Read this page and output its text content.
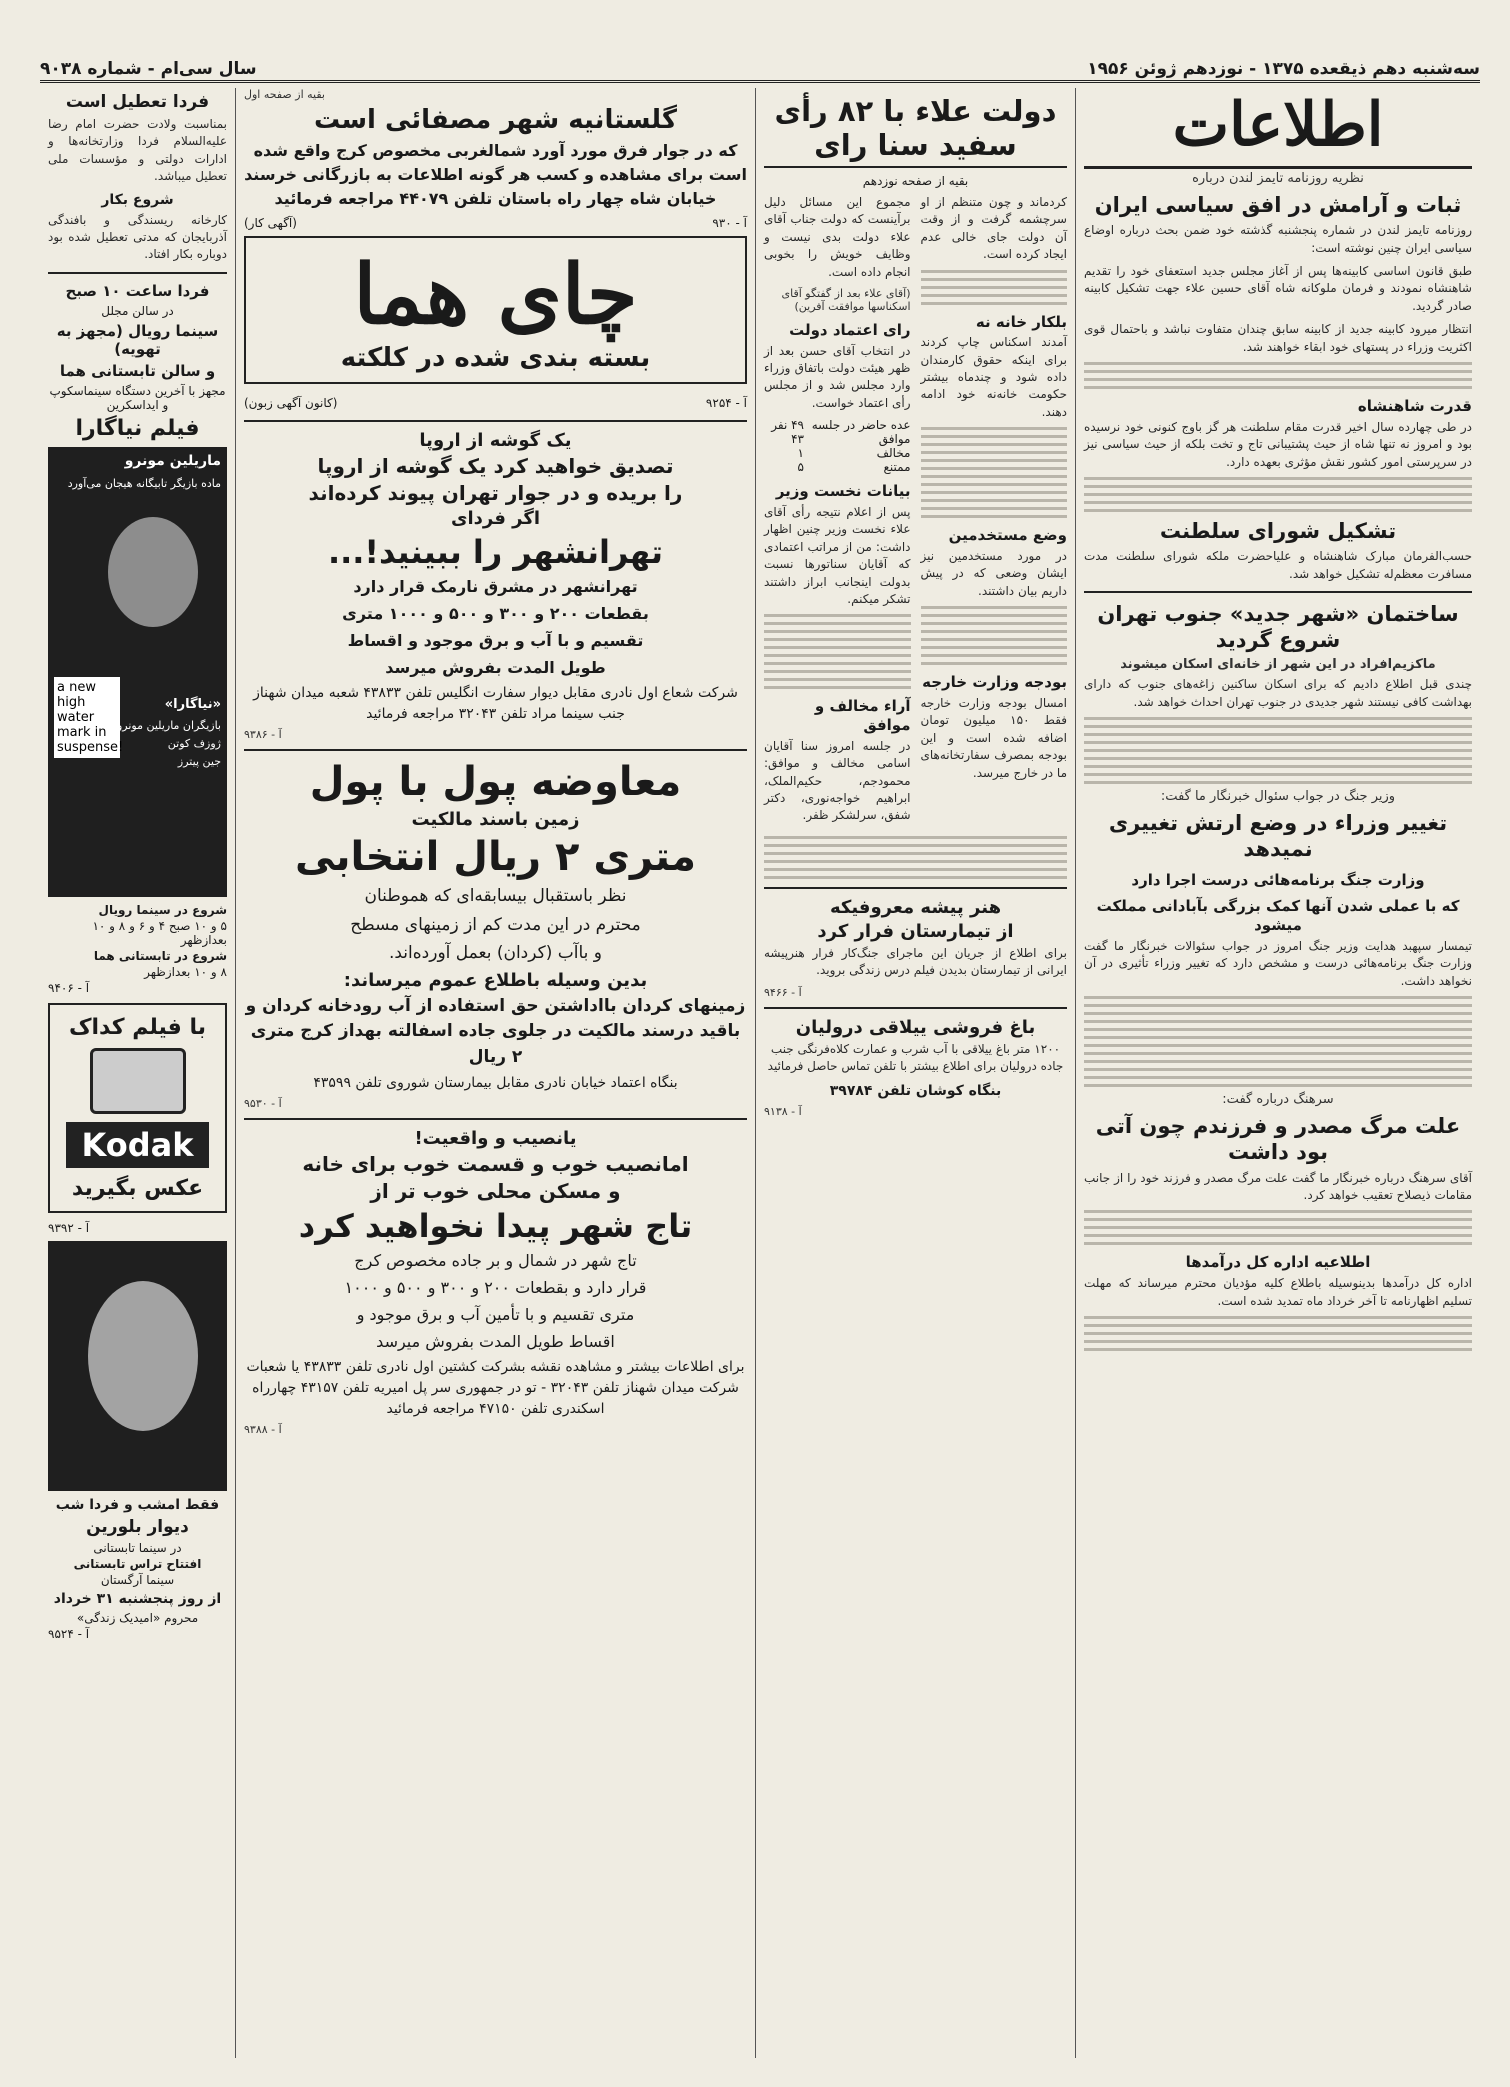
سه‌شنبه دهم ذیقعده ۱۳۷۵ - نوزدهم ژوئن ۱۹۵۶
سال سی‌ام - شماره ۹۰۳۸
اطلاعات
نظریه روزنامه تایمز لندن درباره
ثبات و آرامش در افق سیاسی ایران

روزنامه تایمز لندن در شماره پنجشنبه گذشته خود ضمن بحث درباره اوضاع سیاسی ایران چنین نوشته است:

طبق قانون اساسی کابینه‌ها پس از آغاز مجلس جدید استعفای خود را تقدیم شاهنشاه نمودند و فرمان ملوکانه شاه آقای حسین علاء جهت تشکیل کابینه صادر گردید.

انتظار میرود کابینه جدید از کابینه سابق چندان متفاوت نباشد و باحتمال قوی اکثریت وزراء در پستهای خود ابقاء خواهند شد.

قدرت شاهنشاه

در طی چهارده سال اخیر قدرت مقام سلطنت هر گز باوج کنونی خود نرسیده بود و امروز نه تنها شاه از حیث پشتیبانی تاج و تخت بلکه از حیث سیاسی نیز در سرپرستی امور کشور نقش مؤثری بعهده دارد.

تشکیل شورای سلطنت

حسب‌الفرمان مبارک شاهنشاه و علیاحضرت ملکه شورای سلطنت مدت مسافرت معظم‌له تشکیل خواهد شد.

ساختمان «شهر جدید» جنوب تهران شروع گردید
ماکزیم‌افراد در این شهر از خانه‌ای اسکان میشوند

چندی قبل اطلاع دادیم که برای اسکان ساکنین زاغه‌های جنوب که دارای بهداشت کافی نیستند شهر جدیدی در جنوب تهران احداث خواهد شد.

وزیر جنگ در جواب سئوال خبرنگار ما گفت:
تغییر وزراء در وضع ارتش تغییری نمیدهد
وزارت جنگ برنامه‌هائی درست اجرا دارد
که با عملی شدن آنها کمک بزرگی بآبادانی مملکت میشود

تیمسار سپهبد هدایت وزیر جنگ امروز در جواب سئوالات خبرنگار ما گفت وزارت جنگ برنامه‌هائی درست و مشخص دارد که تغییر وزراء تأثیری در آن نخواهد داشت.

سرهنگ درباره گفت:
علت مرگ مصدر و فرزندم چون آتی بود داشت

آقای سرهنگ درباره خبرنگار ما گفت علت مرگ مصدر و فرزند خود را از جانب مقامات ذیصلاح تعقیب خواهد کرد.

اطلاعیه اداره کل درآمدها

اداره کل درآمدها بدینوسیله باطلاع کلیه مؤدیان محترم میرساند که مهلت تسلیم اظهارنامه تا آخر خرداد ماه تمدید شده است.

دولت علاء با ۸۲ رأی سفید سنا رای
بقیه از صفحه نوزدهم

کردماند و چون متنظم از او سرچشمه گرفت و از وقت آن دولت جای خالی عدم ایجاد کرده است.

بلکار خانه نه

آمدند اسکناس چاپ کردند برای اینکه حقوق کارمندان داده شود و چندماه بیشتر حکومت خانه‌نه خود ادامه دهند.

وضع مستخدمین

در مورد مستخدمین نیز ایشان وضعی که در پیش داریم بیان داشتند.

بودجه وزارت خارجه

امسال بودجه وزارت خارجه فقط ۱۵۰ میلیون تومان اضافه شده است و این بودجه بمصرف سفارتخانه‌های ما در خارج میرسد.

مجموع این مسائل دلیل برآینست که دولت جناب آقای علاء دولت بدی نیست و وظایف خویش را بخوبی انجام داده است.

(آقای علاء بعد از گفتگو آقای اسکناسها موافقت آفرین)

رای اعتماد دولت

در انتخاب آقای حسن بعد از ظهر هیئت دولت باتفاق وزراء وارد مجلس شد و از مجلس رأی اعتماد خواست.

عده حاضر در جلسه
۴۹ نفر
موافق
۴۳
مخالف
۱
ممتنع
۵
بیانات نخست وزیر

پس از اعلام نتیجه رأی آقای علاء نخست وزیر چنین اظهار داشت: من از مراتب اعتمادی که آقایان سناتورها نسبت بدولت اینجانب ابراز داشتند تشکر میکنم.

آراء مخالف و موافق

در جلسه امروز سنا آقایان اسامی مخالف و موافق: محمودجم، حکیم‌الملک، ابراهیم خواجه‌نوری، دکتر شفق، سرلشکر ظفر.

هنر پیشه معروفیکه
از تیمارستان فرار کرد

برای اطلاع از جریان این ماجرای جنگ‌کار فرار هنرپیشه ایرانی از تیمارستان بدیدن فیلم درس زندگی بروید.

آ - ۹۴۶۶
باغ فروشی ییلاقی درولیان

۱۲۰۰ متر باغ ییلاقی با آب شرب و عمارت کلاه‌فرنگی جنب جاده درولیان برای اطلاع بیشتر با تلفن تماس حاصل فرمائید

بنگاه کوشان تلفن ۳۹۷۸۴
آ - ۹۱۳۸
بقیه از صفحه اول
گلستانیه شهر مصفائی است
که در جوار فرق مورد آورد شمالغربی مخصوص کرج واقع شده است برای مشاهده و کسب هر گونه اطلاعات به بازرگانی خرسند خیابان شاه چهار راه باستان تلفن ۴۴۰۷۹ مراجعه فرمائید
آ - ۹۳۰
(آگهی کار)
چای هما
بسته بندی شده در کلکته
آ - ۹۲۵۴
(کانون آگهی زبون)
یک گوشه از اروپا
تصدیق خواهید کرد یک گوشه از اروپا
را بریده و در جوار تهران پیوند کرده‌اند
اگر فردای
تهرانشهر را ببینید!...
تهرانشهر در مشرق نارمک قرار دارد
بقطعات ۲۰۰ و ۳۰۰ و ۵۰۰ و ۱۰۰۰ متری
تقسیم و با آب و برق موجود و اقساط
طویل المدت بفروش میرسد
شرکت شعاع اول نادری مقابل دیوار سفارت انگلیس تلفن ۴۳۸۳۳ شعبه میدان شهناز جنب سینما مراد تلفن ۳۲۰۴۳ مراجعه فرمائید
آ - ۹۳۸۶
معاوضه پول با پول
زمین باسند مالکیت
متری ۲ ریال انتخابی
نظر باستقبال بیسابقه‌ای که هموطنان
محترم در این مدت کم از زمینهای مسطح
و باآب (کردان) بعمل آورده‌اند.
بدین وسیله باطلاع عموم میرساند:
زمینهای کردان بااداشتن حق استفاده از آب رودخانه کردان و باقید درسند مالکیت در جلوی جاده اسفالته بهداز کرج متری ۲ ریال
بنگاه اعتماد خیابان نادری مقابل بیمارستان شوروی تلفن ۴۳۵۹۹
آ - ۹۵۳۰
یانصیب و واقعیت!
امانصیب خوب و قسمت خوب برای خانه
و مسکن محلی خوب تر از
تاج شهر پیدا نخواهید کرد
تاج شهر در شمال و بر جاده مخصوص کرج
قرار دارد و بقطعات ۲۰۰ و ۳۰۰ و ۵۰۰ و ۱۰۰۰
متری تقسیم و با تأمین آب و برق موجود و
اقساط طویل المدت بفروش میرسد
برای اطلاعات بیشتر و مشاهده نقشه بشرکت کشتین اول نادری تلفن ۴۳۸۳۳ یا شعبات شرکت میدان شهناز تلفن ۳۲۰۴۳ - تو در جمهوری سر پل امیریه تلفن ۴۳۱۵۷ چهارراه اسکندری تلفن ۴۷۱۵۰ مراجعه فرمائید
آ - ۹۳۸۸
فردا تعطیل است

بمناسبت ولادت حضرت امام رضا علیه‌السلام فردا وزارتخانه‌ها و ادارات دولتی و مؤسسات ملی تعطیل میباشد.

شروع بکار

کارخانه ریسندگی و بافندگی آذربایجان که مدتی تعطیل شده بود دوباره بکار افتاد.

فردا ساعت ۱۰ صبح
در سالن مجلل
سینما رویال (مجهز به تهویه)
و سالن تابستانی هما
مجهز با آخرین دستگاه سینماسکوپ و ایداسکرین
فیلم نیاگارا
ماریلین مونرو
ماده بازیگر تابیگانه هیجان می‌آورد
a new high water mark in suspense!
«نیاگارا»
بازیگران ماریلین مونرو
ژوزف کوتن
جین پیترز
شروع در سینما رویال
۵ و ۱۰ صبح ۴ و ۶ و ۸ و ۱۰ بعدازظهر
شروع در تابستانی هما
۸ و ۱۰ بعدازظهر
آ - ۹۴۰۶
با فیلم کداک
Kodak
عکس بگیرید
آ - ۹۳۹۲
فقط امشب و فردا شب
دیوار بلورین
در سینما تابستانی
افتتاح تراس تابستانی
سینما آرگستان
از روز پنجشنبه ۳۱ خرداد
محروم «امیدیک زندگی»
آ - ۹۵۲۴
